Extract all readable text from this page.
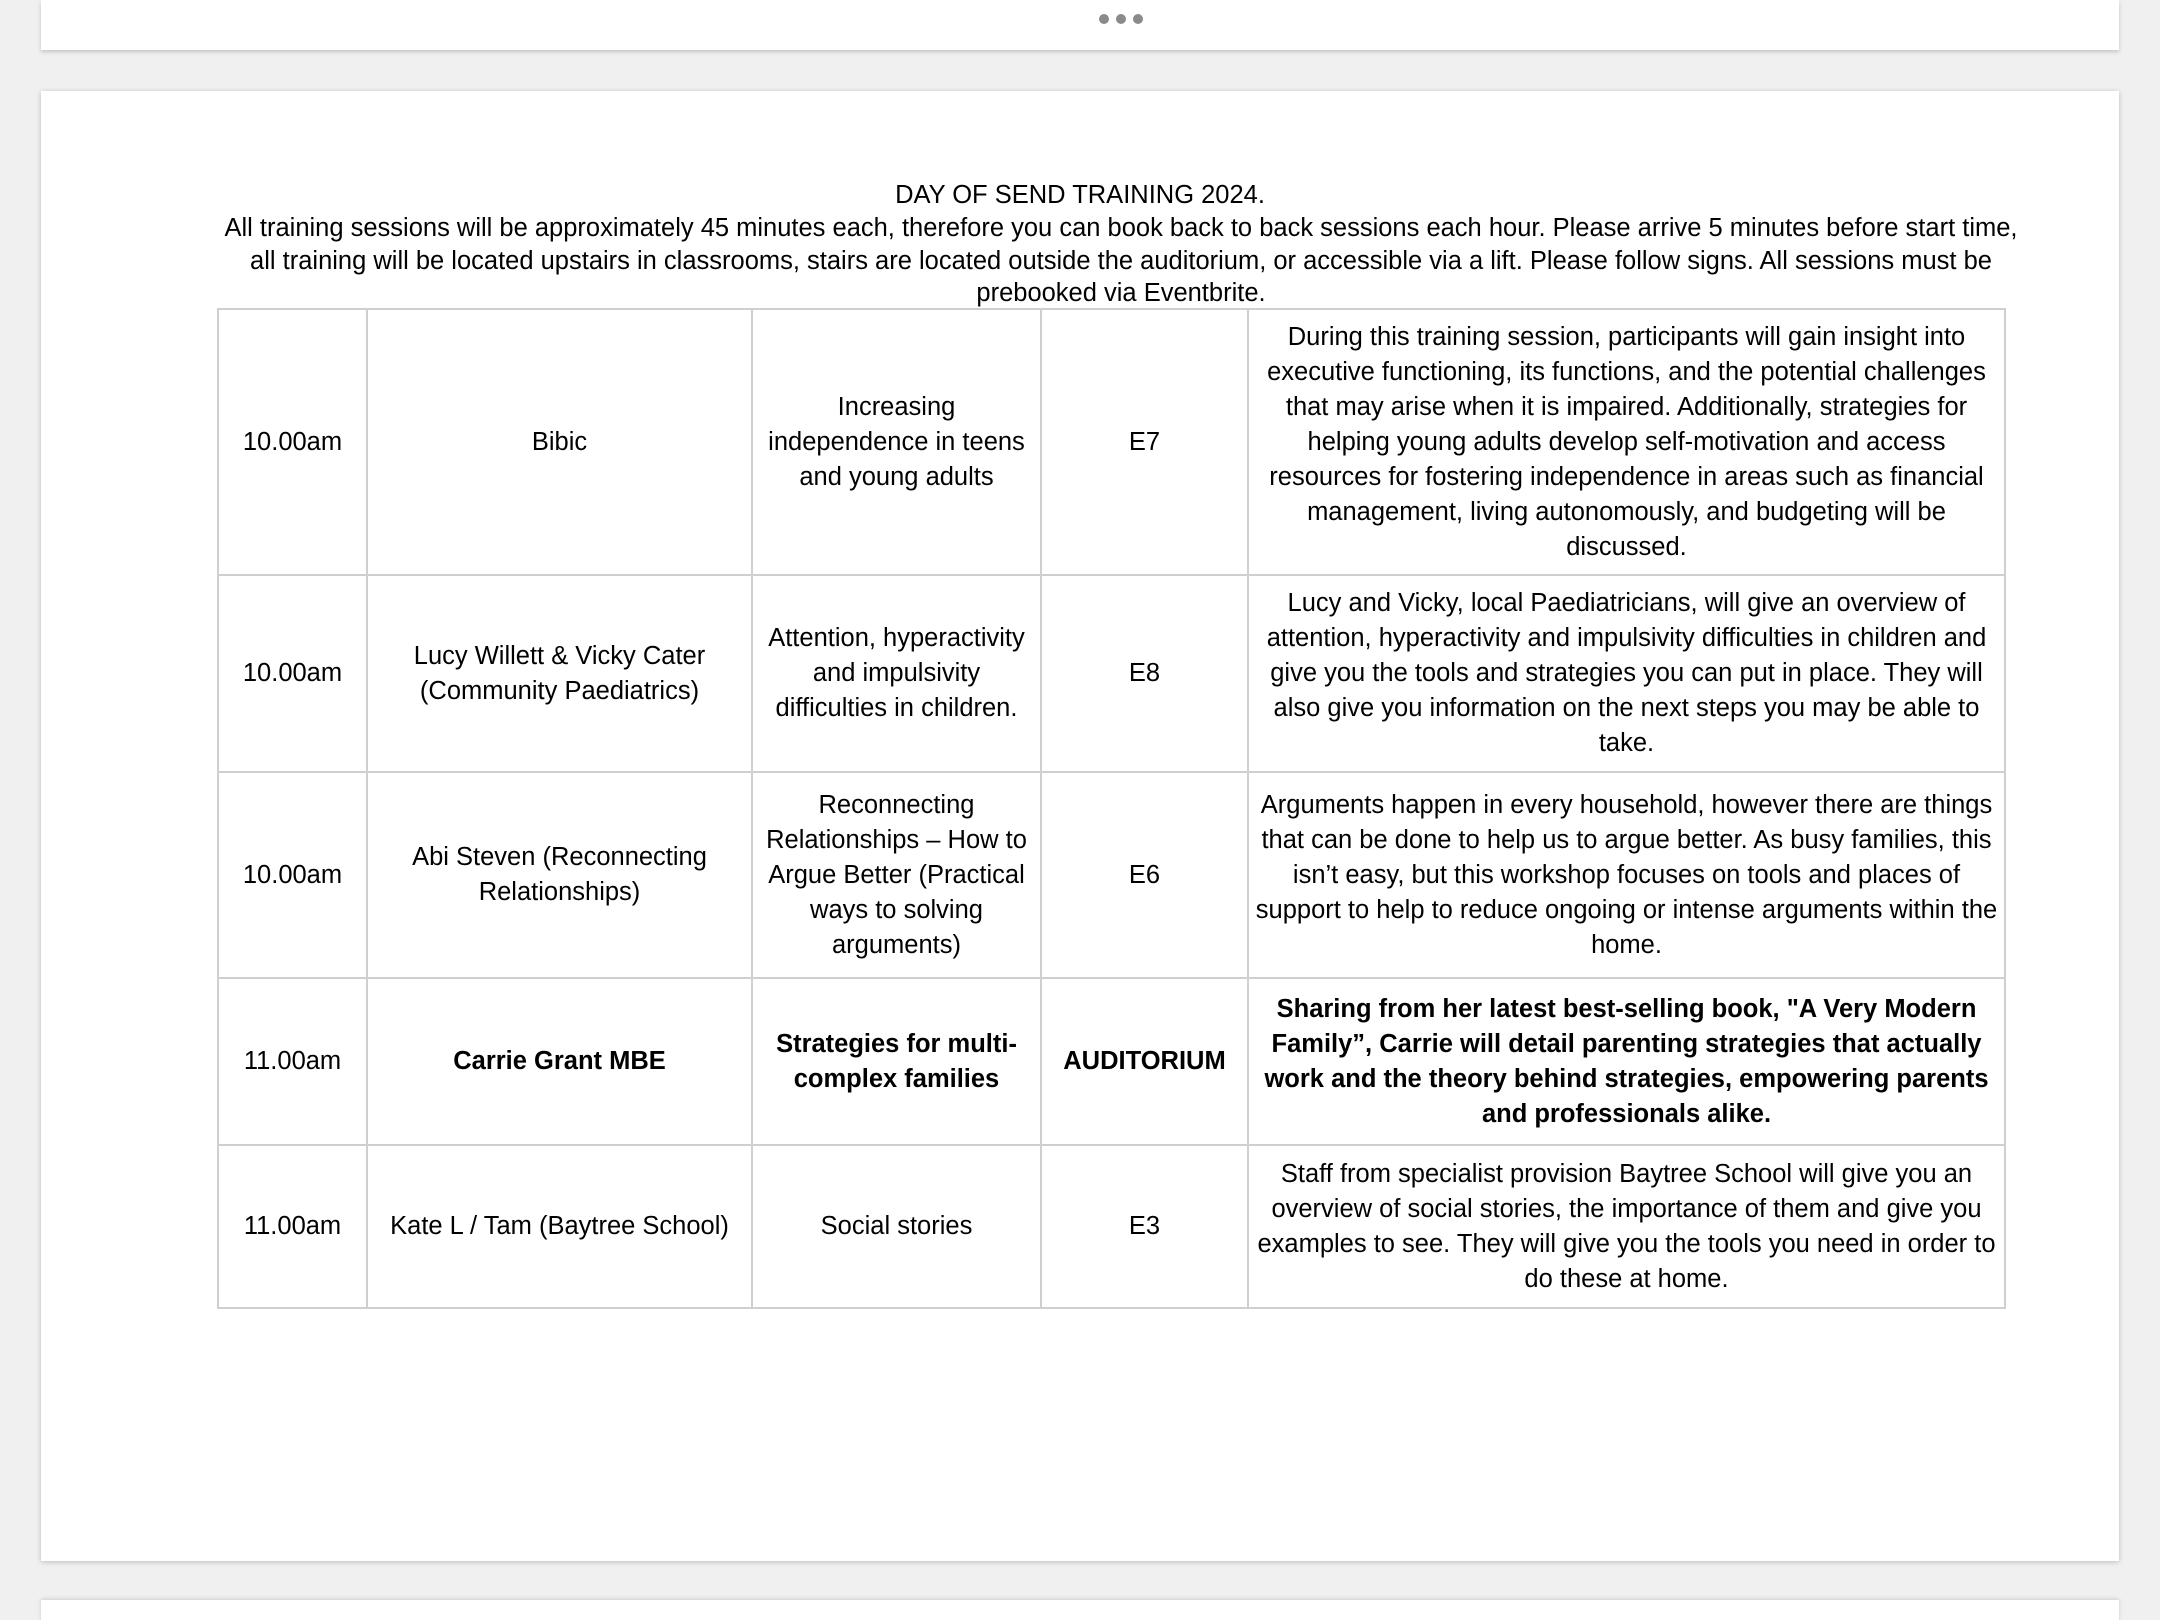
DAY OF SEND TRAINING 2024.
All training sessions will be approximately 45 minutes each, therefore you can book back to back sessions each hour. Please arrive 5 minutes before start time, all training will be located upstairs in classrooms, stairs are located outside the auditorium, or accessible via a lift. Please follow signs. All sessions must be prebooked via Eventbrite.
10.00am	Bibic	Increasing independence in teens and young adults	E7	During this training session, participants will gain insight into executive functioning, its functions, and the potential challenges that may arise when it is impaired. Additionally, strategies for helping young adults develop self-motivation and access resources for fostering independence in areas such as financial management, living autonomously, and budgeting will be discussed.
10.00am	Lucy Willett & Vicky Cater (Community Paediatrics)	Attention, hyperactivity and impulsivity difficulties in children.	E8	Lucy and Vicky, local Paediatricians, will give an overview of attention, hyperactivity and impulsivity difficulties in children and give you the tools and strategies you can put in place. They will also give you information on the next steps you may be able to take.
10.00am	Abi Steven (Reconnecting Relationships)	Reconnecting Relationships – How to Argue Better (Practical ways to solving arguments)	E6	Arguments happen in every household, however there are things that can be done to help us to argue better. As busy families, this isn’t easy, but this workshop focuses on tools and places of support to help to reduce ongoing or intense arguments within the home.
11.00am	Carrie Grant MBE	Strategies for multi-complex families	AUDITORIUM	Sharing from her latest best-selling book, "A Very Modern Family”, Carrie will detail parenting strategies that actually work and the theory behind strategies, empowering parents and professionals alike.
11.00am	Kate L / Tam (Baytree School)	Social stories	E3	Staff from specialist provision Baytree School will give you an overview of social stories, the importance of them and give you examples to see. They will give you the tools you need in order to do these at home.
